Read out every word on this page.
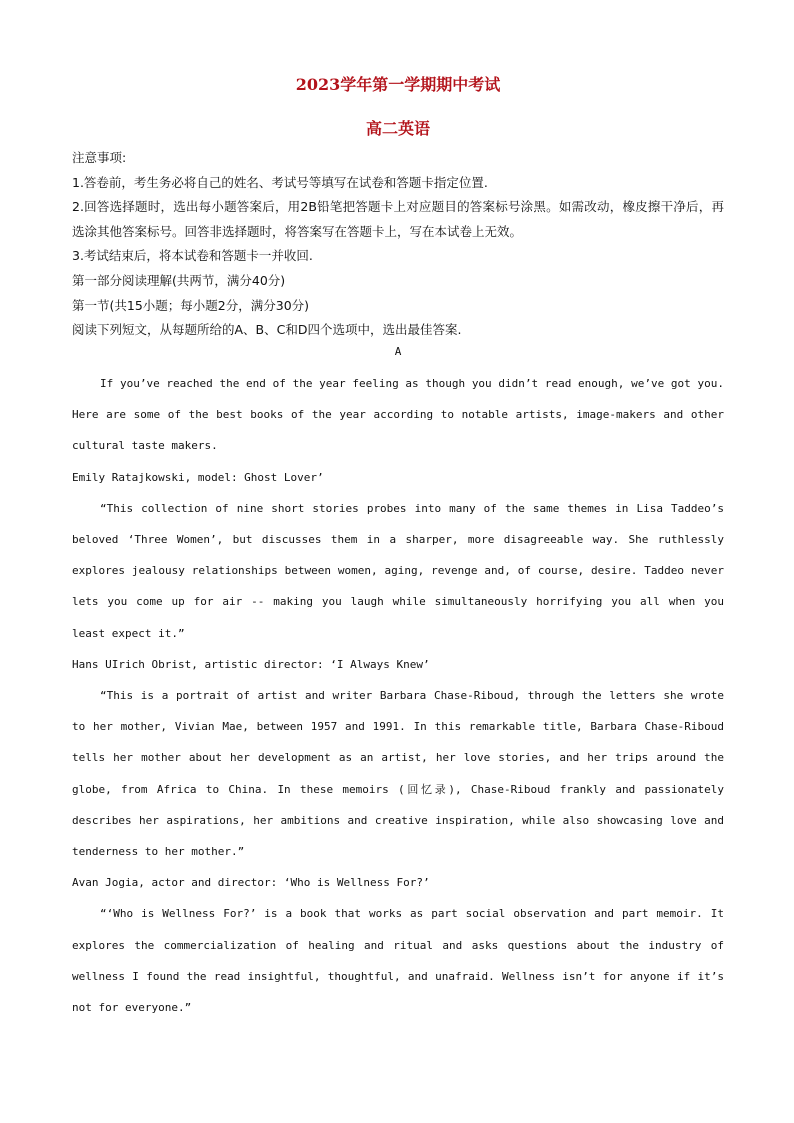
2023学年第一学期期中考试
高二英语
注意事项:
1.答卷前，考生务必将自己的姓名、考试号等填写在试卷和答题卡指定位置.
2.回答选择题时，选出每小题答案后，用2B铅笔把答题卡上对应题目的答案标号涂黑。如需改动，橡皮擦干净后，再选涂其他答案标号。回答非选择题时，将答案写在答题卡上，写在本试卷上无效。
3.考试结束后，将本试卷和答题卡一并收回.
第一部分阅读理解(共两节，满分40分)
第一节(共15小题；每小题2分，满分30分)
阅读下列短文，从每题所给的A、B、C和D四个选项中，选出最佳答案.
A

If you’ve reached the end of the year feeling as though you didn’t read enough, we’ve got you. Here are some of the best books of the year according to notable artists, image-makers and other cultural taste makers.

Emily Ratajkowski, model: Ghost Lover’

“This collection of nine short stories probes into many of the same themes in Lisa Taddeo’s beloved ‘Three Women’, but discusses them in a sharper, more disagreeable way. She ruthlessly explores jealousy relationships between women, aging, revenge and, of course, desire. Taddeo never lets you come up for air -- making you laugh while simultaneously horrifying you all when you least expect it.”

Hans UIrich Obrist, artistic director: ‘I Always Knew’

“This is a portrait of artist and writer Barbara Chase-Riboud, through the letters she wrote to her mother, Vivian Mae, between 1957 and 1991. In this remarkable title, Barbara Chase-Riboud tells her mother about her development as an artist, her love stories, and her trips around the globe, from Africa to China. In these memoirs (回忆录), Chase-Riboud frankly and passionately describes her aspirations, her ambitions and creative inspiration, while also showcasing love and tenderness to her mother.”

Avan Jogia, actor and director: ‘Who is Wellness For?’

“‘Who is Wellness For?’ is a book that works as part social observation and part memoir. It explores the commercialization of healing and ritual and asks questions about the industry of wellness I found the read insightful, thoughtful, and unafraid. Wellness isn’t for anyone if it’s not for everyone.”
